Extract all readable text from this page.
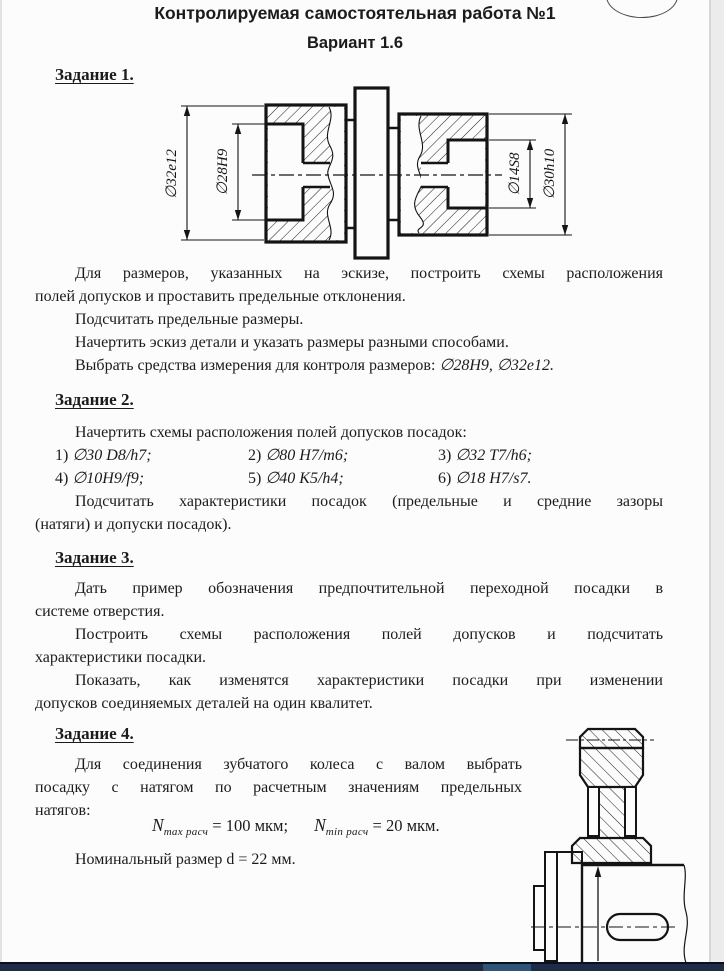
Контролируемая самостоятельная работа №1
Вариант 1.6
Задание 1.
∅32e12 ∅28H9	∅14S8 ∅30h10
Для размеров, указанных на эскизе, построить схемы расположения
полей допусков и проставить предельные отклонения.
Подсчитать предельные размеры.
Начертить эскиз детали и указать размеры разными способами.
Выбрать средства измерения для контроля размеров: ∅28H9, ∅32e12.
Задание 2.
Начертить схемы расположения полей допусков посадок:
1) ∅30 D8/h7;	2) ∅80 H7/m6;	3) ∅32 T7/h6;
4) ∅10H9/f9;	5) ∅40 K5/h4;	6) ∅18 H7/s7.
Подсчитать характеристики посадок (предельные и средние зазоры
(натяги) и допуски посадок).
Задание 3.
Дать пример обозначения предпочтительной переходной посадки в
системе отверстия.
Построить схемы расположения полей допусков и подсчитать
характеристики посадки.
Показать, как изменятся характеристики посадки при изменении
допусков соединяемых деталей на один квалитет.
Задание 4.
Для соединения зубчатого колеса с валом выбрать
посадку с натягом по расчетным значениям предельных
натягов:
$N_{max расч} = 100$ мкм; $N_{min расч} = 20$ мкм.
Номинальный размер d = 22 мм.
